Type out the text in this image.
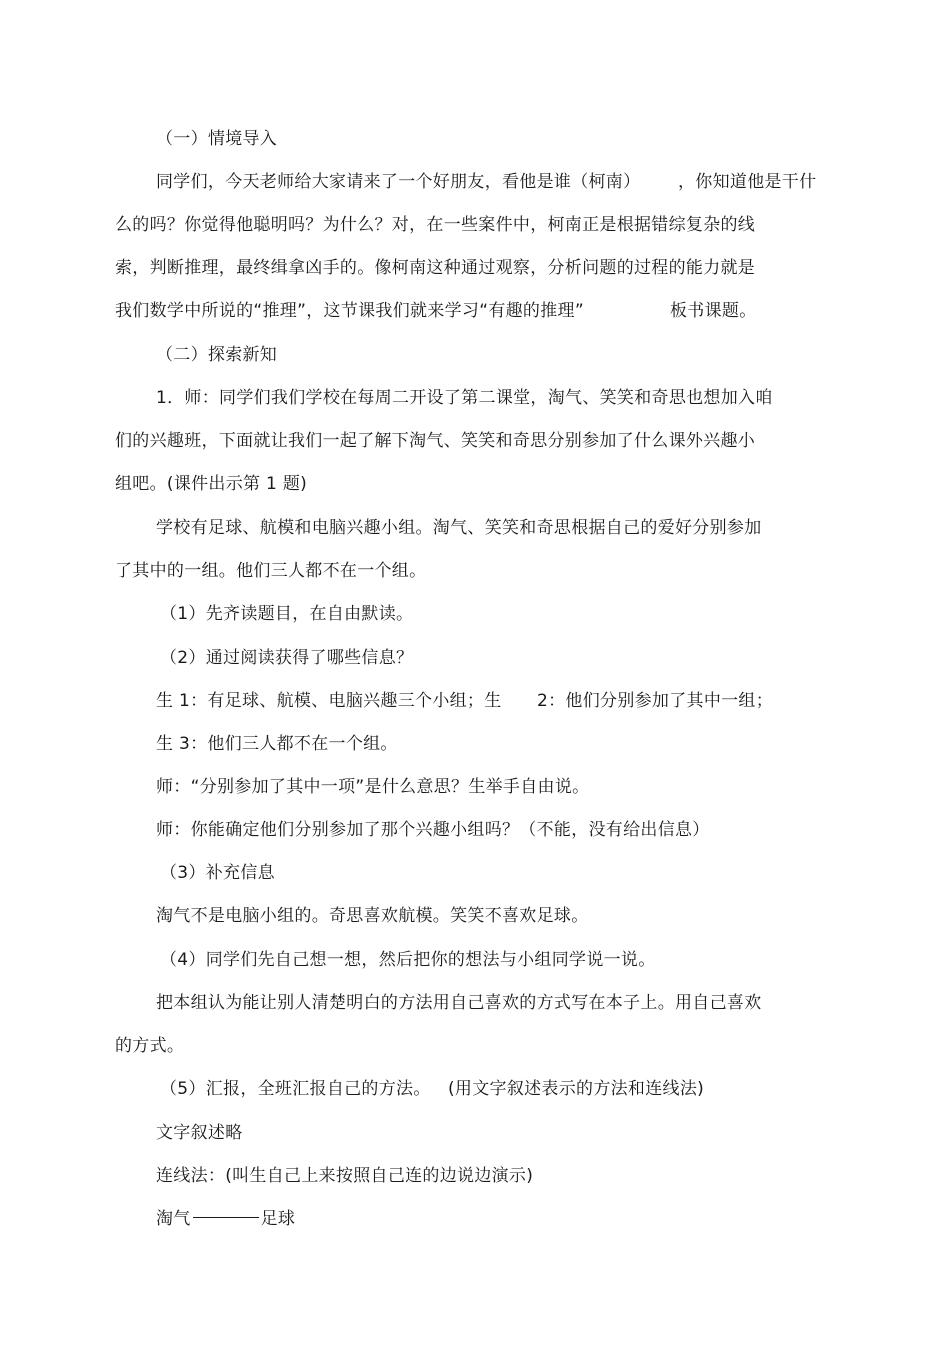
（一）情境导入
同学们，今天老师给大家请来了一个好朋友，看他是谁（柯南） ，你知道他是干什
么的吗？你觉得他聪明吗？为什么？对，在一些案件中，柯南正是根据错综复杂的线
索，判断推理，最终缉拿凶手的。像柯南这种通过观察，分析问题的过程的能力就是
我们数学中所说的“推理”，这节课我们就来学习“有趣的推理”	板书课题。
（二）探索新知
1．师：同学们我们学校在每周二开设了第二课堂，淘气、笑笑和奇思也想加入咱
们的兴趣班，下面就让我们一起了解下淘气、笑笑和奇思分别参加了什么课外兴趣小
组吧。(课件出示第 1 题)
学校有足球、航模和电脑兴趣小组。淘气、笑笑和奇思根据自己的爱好分别参加
了其中的一组。他们三人都不在一个组。
（1）先齐读题目，在自由默读。
（2）通过阅读获得了哪些信息？
生 1：有足球、航模、电脑兴趣三个小组；生 2：他们分别参加了其中一组；
生 3：他们三人都不在一个组。
师：“分别参加了其中一项”是什么意思？生举手自由说。
师：你能确定他们分别参加了那个兴趣小组吗？（不能，没有给出信息）
（3）补充信息
淘气不是电脑小组的。奇思喜欢航模。笑笑不喜欢足球。
（4）同学们先自己想一想，然后把你的想法与小组同学说一说。
把本组认为能让别人清楚明白的方法用自己喜欢的方式写在本子上。用自己喜欢
的方式。
（5）汇报，全班汇报自己的方法。 (用文字叙述表示的方法和连线法)
文字叙述略
连线法：(叫生自己上来按照自己连的边说边演示)
淘气	足球
